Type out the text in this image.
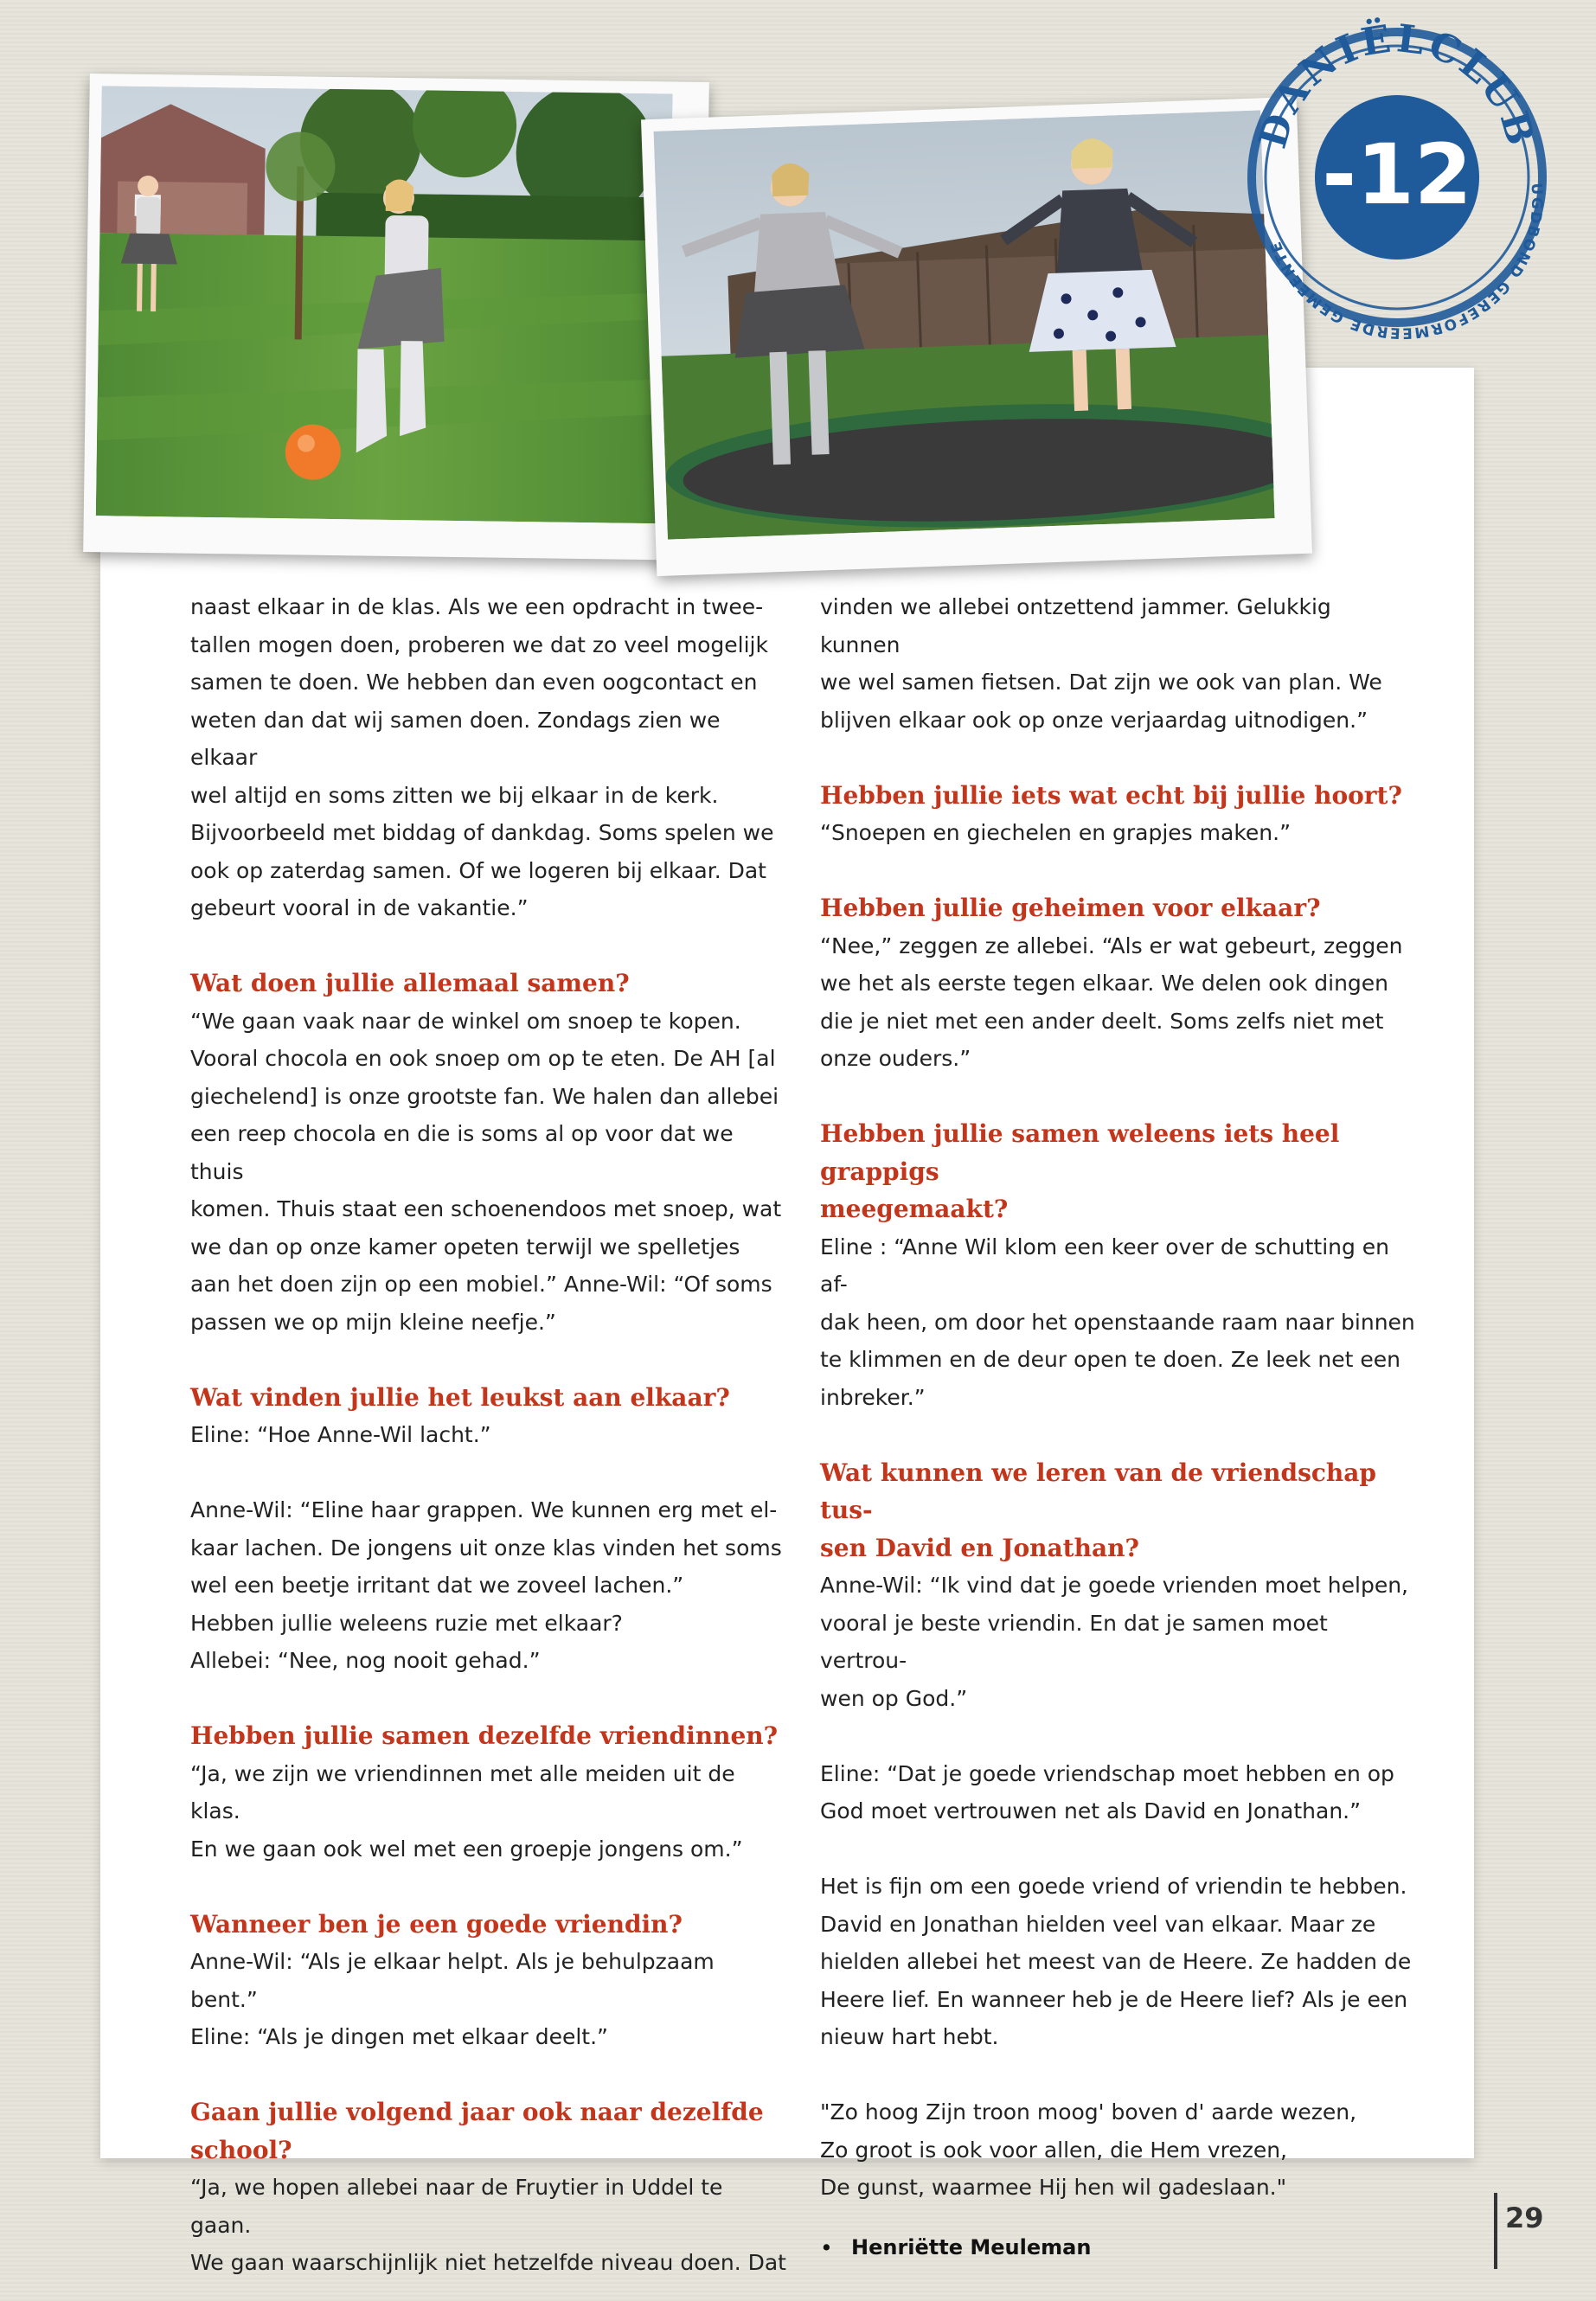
DANIËLCLUB
UGDBOND GEREFORMEERDE GEMEENTE
-12

naast elkaar in de klas. Als we een opdracht in twee-

tallen mogen doen, proberen we dat zo veel mogelijk

samen te doen. We hebben dan even oogcontact en

weten dan dat wij samen doen. Zondags zien we elkaar

wel altijd en soms zitten we bij elkaar in de kerk.

Bijvoorbeeld met biddag of dankdag. Soms spelen we

ook op zaterdag samen. Of we logeren bij elkaar. Dat

gebeurt vooral in de vakantie.”

Wat doen jullie allemaal samen?

“We gaan vaak naar de winkel om snoep te kopen.

Vooral chocola en ook snoep om op te eten. De AH [al

giechelend] is onze grootste fan. We halen dan allebei

een reep chocola en die is soms al op voor dat we thuis

komen. Thuis staat een schoenendoos met snoep, wat

we dan op onze kamer opeten terwijl we spelletjes

aan het doen zijn op een mobiel.” Anne-Wil: “Of soms

passen we op mijn kleine neefje.”

Wat vinden jullie het leukst aan elkaar?

Eline: “Hoe Anne-Wil lacht.”

Anne-Wil: “Eline haar grappen. We kunnen erg met el-

kaar lachen. De jongens uit onze klas vinden het soms

wel een beetje irritant dat we zoveel lachen.”

Hebben jullie weleens ruzie met elkaar?

Allebei: “Nee, nog nooit gehad.”

Hebben jullie samen dezelfde vriendinnen?

“Ja, we zijn we vriendinnen met alle meiden uit de klas.

En we gaan ook wel met een groepje jongens om.”

Wanneer ben je een goede vriendin?

Anne-Wil: “Als je elkaar helpt. Als je behulpzaam bent.”

Eline: “Als je dingen met elkaar deelt.”

Gaan jullie volgend jaar ook naar dezelfde
school?

“Ja, we hopen allebei naar de Fruytier in Uddel te gaan.

We gaan waarschijnlijk niet hetzelfde niveau doen. Dat

vinden we allebei ontzettend jammer. Gelukkig kunnen

we wel samen fietsen. Dat zijn we ook van plan. We

blijven elkaar ook op onze verjaardag uitnodigen.”

Hebben jullie iets wat echt bij jullie hoort?

“Snoepen en giechelen en grapjes maken.”

Hebben jullie geheimen voor elkaar?

“Nee,” zeggen ze allebei. “Als er wat gebeurt, zeggen

we het als eerste tegen elkaar. We delen ook dingen

die je niet met een ander deelt. Soms zelfs niet met

onze ouders.”

Hebben jullie samen weleens iets heel grappigs
meegemaakt?

Eline : “Anne Wil klom een keer over de schutting en af-

dak heen, om door het openstaande raam naar binnen

te klimmen en de deur open te doen. Ze leek net een

inbreker.”

Wat kunnen we leren van de vriendschap tus-
sen David en Jonathan?

Anne-Wil: “Ik vind dat je goede vrienden moet helpen,

vooral je beste vriendin. En dat je samen moet vertrou-

wen op God.”

Eline: “Dat je goede vriendschap moet hebben en op

God moet vertrouwen net als David en Jonathan.”

Het is fijn om een goede vriend of vriendin te hebben.

David en Jonathan hielden veel van elkaar. Maar ze

hielden allebei het meest van de Heere. Ze hadden de

Heere lief. En wanneer heb je de Heere lief? Als je een

nieuw hart hebt.

"Zo hoog Zijn troon moog' boven d' aarde wezen,

Zo groot is ook voor allen, die Hem vrezen,

De gunst, waarmee Hij hen wil gadeslaan."

• Henriëtte Meuleman
29
